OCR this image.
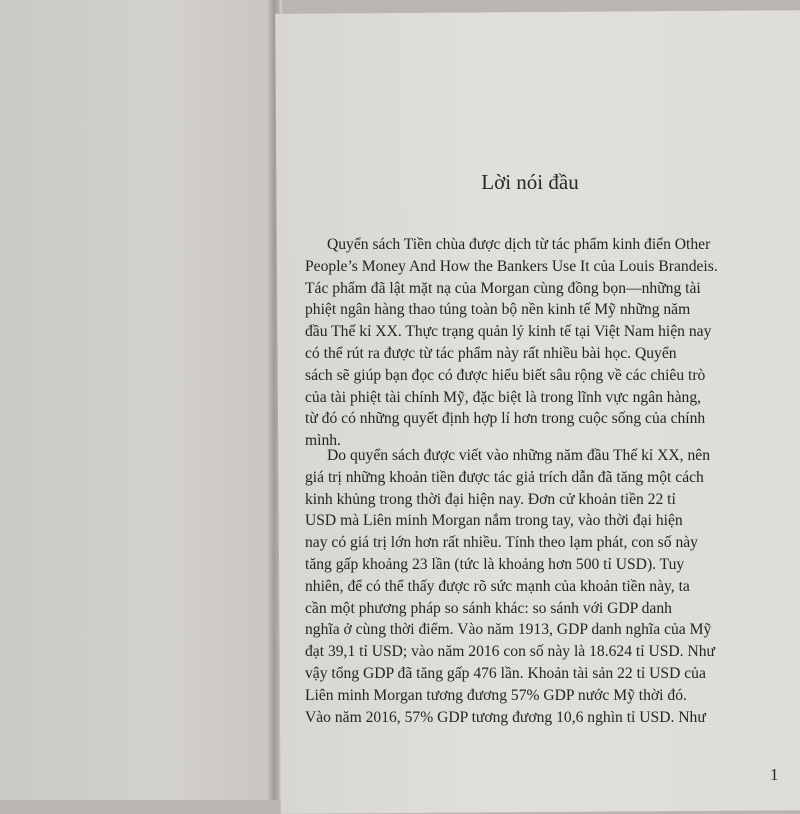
Lời nói đầu

Quyển sách Tiền chùa được dịch từ tác phẩm kinh điển Other
People’s Money And How the Bankers Use It của Louis Brandeis.
Tác phẩm đã lật mặt nạ của Morgan cùng đồng bọn—những tài
phiệt ngân hàng thao túng toàn bộ nền kinh tế Mỹ những năm
đầu Thế kỉ XX. Thực trạng quản lý kinh tế tại Việt Nam hiện nay
có thể rút ra được từ tác phẩm này rất nhiều bài học. Quyển
sách sẽ giúp bạn đọc có được hiểu biết sâu rộng về các chiêu trò
của tài phiệt tài chính Mỹ, đặc biệt là trong lĩnh vực ngân hàng,
từ đó có những quyết định hợp lí hơn trong cuộc sống của chính
mình.

Do quyển sách được viết vào những năm đầu Thế kỉ XX, nên
giá trị những khoản tiền được tác giả trích dẫn đã tăng một cách
kinh khủng trong thời đại hiện nay. Đơn cử khoản tiền 22 tỉ
USD mà Liên minh Morgan nắm trong tay, vào thời đại hiện
nay có giá trị lớn hơn rất nhiều. Tính theo lạm phát, con số này
tăng gấp khoảng 23 lần (tức là khoảng hơn 500 tỉ USD). Tuy
nhiên, để có thể thấy được rõ sức mạnh của khoản tiền này, ta
cần một phương pháp so sánh khác: so sánh với GDP danh
nghĩa ở cùng thời điểm. Vào năm 1913, GDP danh nghĩa của Mỹ
đạt 39,1 tỉ USD; vào năm 2016 con số này là 18.624 tỉ USD. Như
vậy tổng GDP đã tăng gấp 476 lần. Khoản tài sản 22 tỉ USD của
Liên minh Morgan tương đương 57% GDP nước Mỹ thời đó.
Vào năm 2016, 57% GDP tương đương 10,6 nghìn tỉ USD. Như

1
